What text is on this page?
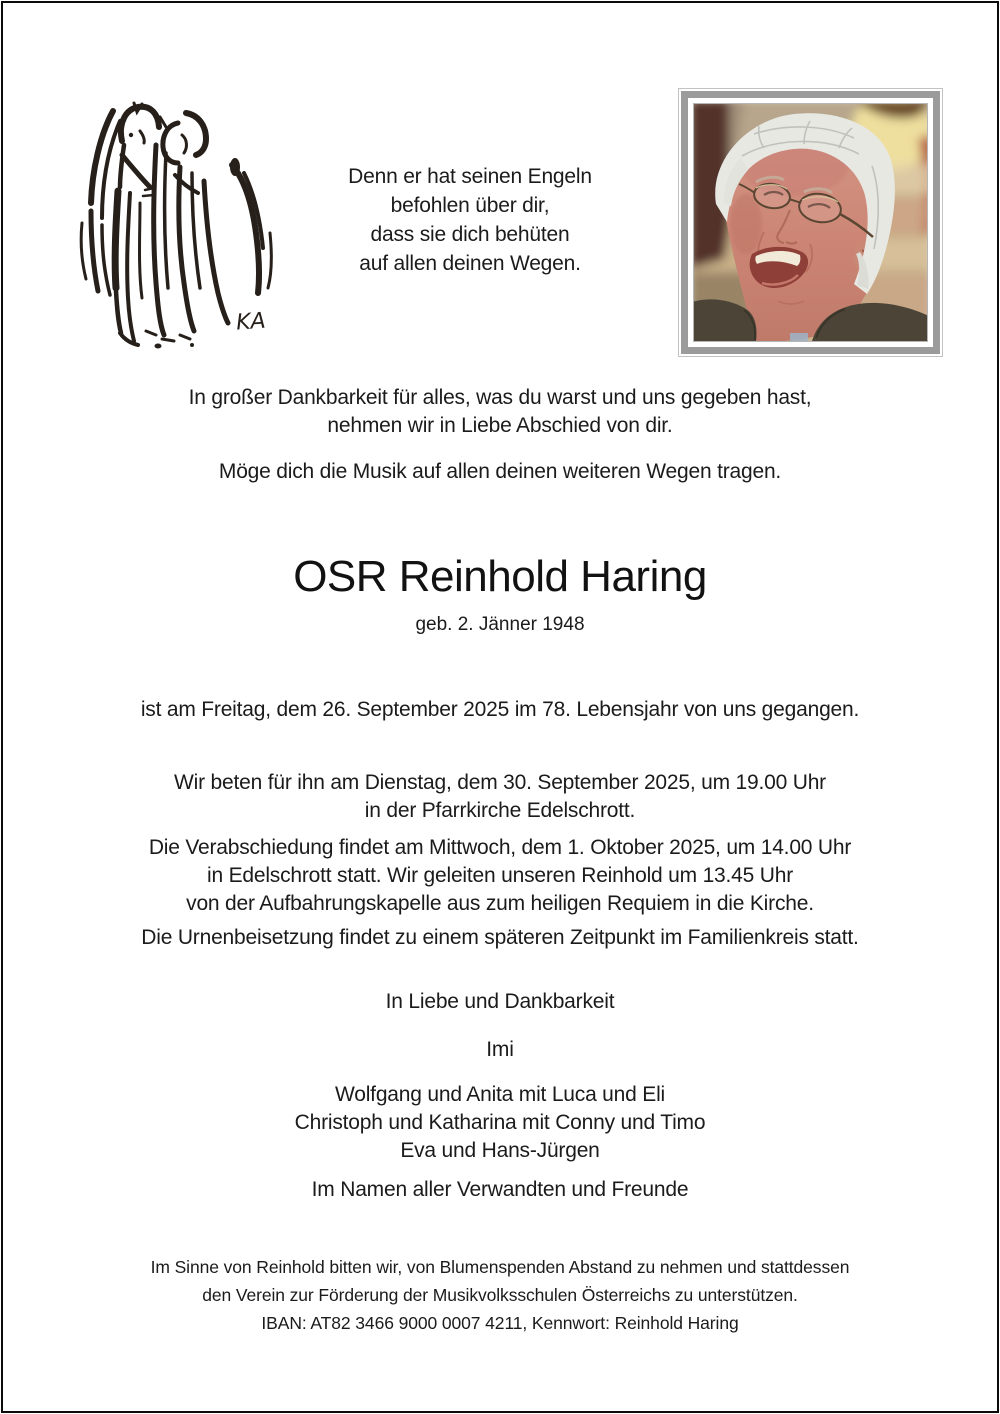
KA
Denn er hat seinen Engeln
befohlen über dir,
dass sie dich behüten
auf allen deinen Wegen.
In großer Dankbarkeit für alles, was du warst und uns gegeben hast,
nehmen wir in Liebe Abschied von dir.
Möge dich die Musik auf allen deinen weiteren Wegen tragen.
OSR Reinhold Haring
geb. 2. Jänner 1948
ist am Freitag, dem 26. September 2025 im 78. Lebensjahr von uns gegangen.
Wir beten für ihn am Dienstag, dem 30. September 2025, um 19.00 Uhr
in der Pfarrkirche Edelschrott.
Die Verabschiedung findet am Mittwoch, dem 1. Oktober 2025, um 14.00 Uhr
in Edelschrott statt. Wir geleiten unseren Reinhold um 13.45 Uhr
von der Aufbahrungskapelle aus zum heiligen Requiem in die Kirche.
Die Urnenbeisetzung findet zu einem späteren Zeitpunkt im Familienkreis statt.
In Liebe und Dankbarkeit
Imi
Wolfgang und Anita mit Luca und Eli
Christoph und Katharina mit Conny und Timo
Eva und Hans-Jürgen
Im Namen aller Verwandten und Freunde
Im Sinne von Reinhold bitten wir, von Blumenspenden Abstand zu nehmen und stattdessen
den Verein zur Förderung der Musikvolksschulen Österreichs zu unterstützen.
IBAN: AT82 3466 9000 0007 4211, Kennwort: Reinhold Haring
